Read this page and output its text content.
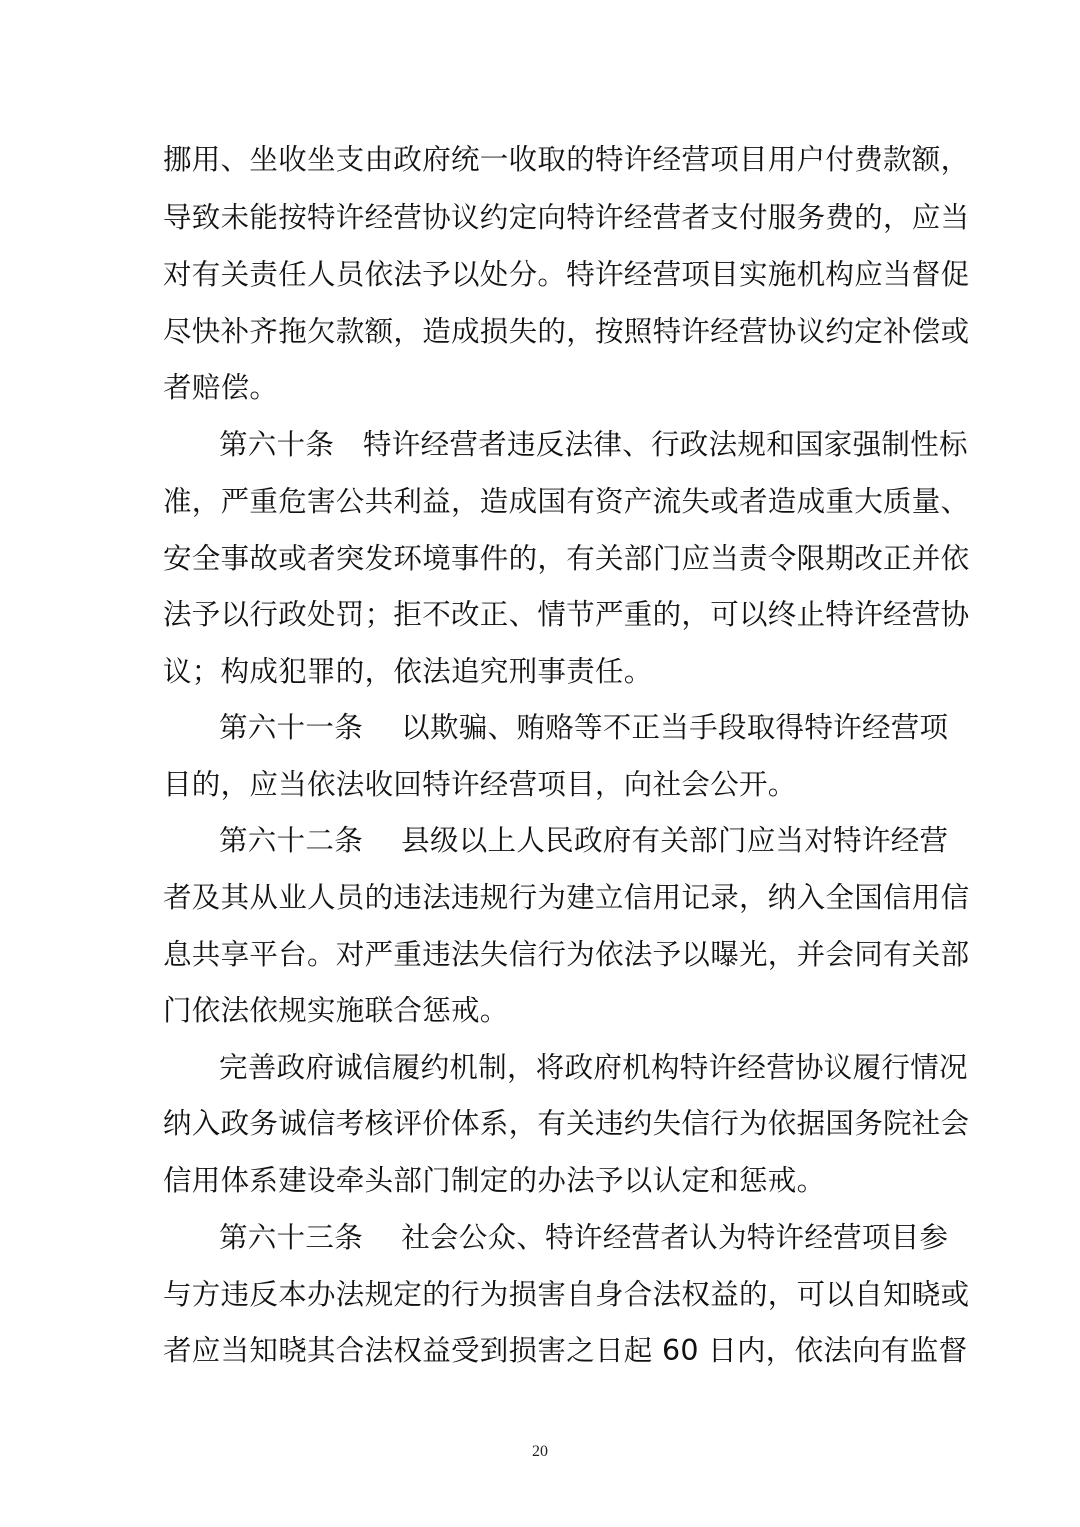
挪用、坐收坐支由政府统一收取的特许经营项目用户付费款额，
导致未能按特许经营协议约定向特许经营者支付服务费的，应当
对有关责任人员依法予以处分。特许经营项目实施机构应当督促
尽快补齐拖欠款额，造成损失的，按照特许经营协议约定补偿或
者赔偿。
第六十条　特许经营者违反法律、行政法规和国家强制性标
准，严重危害公共利益，造成国有资产流失或者造成重大质量、
安全事故或者突发环境事件的，有关部门应当责令限期改正并依
法予以行政处罚；拒不改正、情节严重的，可以终止特许经营协
议；构成犯罪的，依法追究刑事责任。
第六十一条　 以欺骗、贿赂等不正当手段取得特许经营项
目的，应当依法收回特许经营项目，向社会公开。
第六十二条　 县级以上人民政府有关部门应当对特许经营
者及其从业人员的违法违规行为建立信用记录，纳入全国信用信
息共享平台。对严重违法失信行为依法予以曝光，并会同有关部
门依法依规实施联合惩戒。
完善政府诚信履约机制，将政府机构特许经营协议履行情况
纳入政务诚信考核评价体系，有关违约失信行为依据国务院社会
信用体系建设牵头部门制定的办法予以认定和惩戒。
第六十三条　 社会公众、特许经营者认为特许经营项目参
与方违反本办法规定的行为损害自身合法权益的，可以自知晓或
者应当知晓其合法权益受到损害之日起 60 日内，依法向有监督
20
